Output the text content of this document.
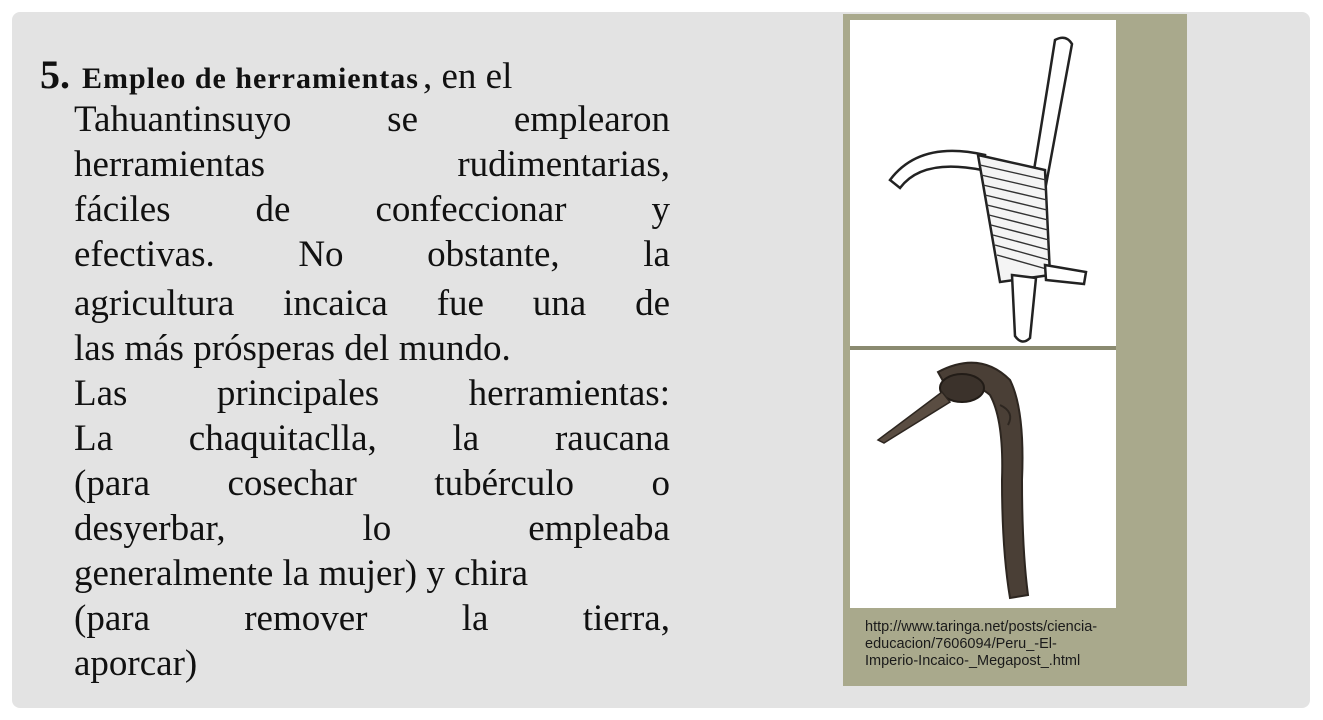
5. Empleo de herramientas , en el
Tahuantinsuyo	se	emplearon
herramientas	rudimentarias,
fáciles de confeccionar y
efectivas. No obstante, la
agricultura incaica fue una de
las más prósperas del mundo.
Las principales herramientas:
La chaquitaclla, la raucana
(para cosechar tubérculo o
desyerbar,	lo	empleaba
generalmente la mujer) y chira
(para	remover	la	tierra,
aporcar)
http://www.taringa.net/posts/ciencia-
educacion/7606094/Peru_-El-
Imperio-Incaico-_Megapost_.html
